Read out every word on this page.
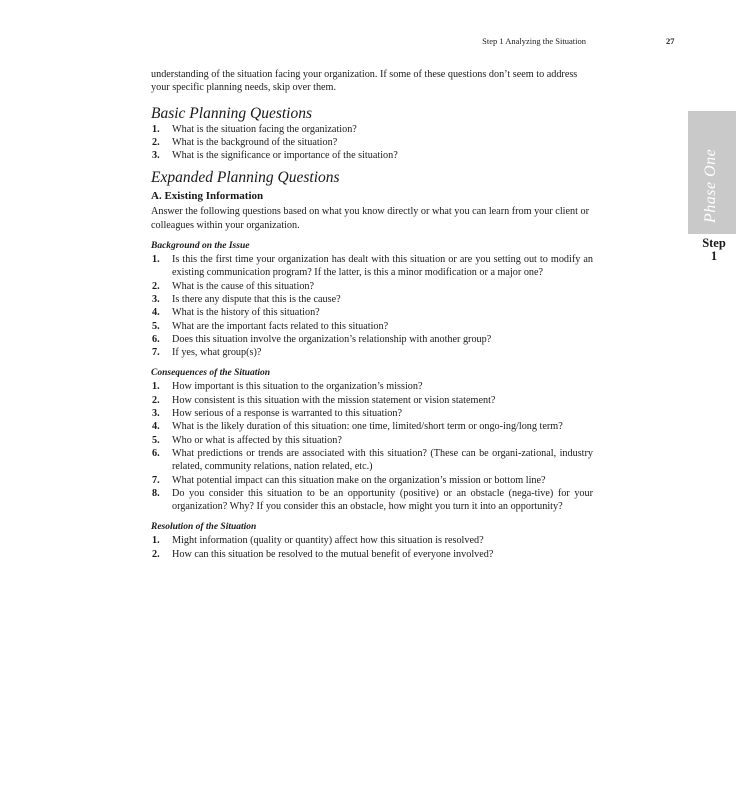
Step 1 Analyzing the Situation	27
Phase One
Step
1

understanding of the situation facing your organization. If some of these questions don’t seem to address your specific planning needs, skip over them.

Basic Planning Questions
1. What is the situation facing the organization?
2. What is the background of the situation?
3. What is the significance or importance of the situation?
Expanded Planning Questions
A. Existing Information

Answer the following questions based on what you know directly or what you can learn from your client or colleagues within your organization.

Background on the Issue
1. Is this the first time your organization has dealt with this situation or are you setting out to modify an existing communication program? If the latter, is this a minor modification or a major one?
2. What is the cause of this situation?
3. Is there any dispute that this is the cause?
4. What is the history of this situation?
5. What are the important facts related to this situation?
6. Does this situation involve the organization’s relationship with another group?
7. If yes, what group(s)?
Consequences of the Situation
1. How important is this situation to the organization’s mission?
2. How consistent is this situation with the mission statement or vision statement?
3. How serious of a response is warranted to this situation?
4. What is the likely duration of this situation: one time, limited/short term or ongo-ing/long term?
5. Who or what is affected by this situation?
6. What predictions or trends are associated with this situation? (These can be organi-zational, industry related, community relations, nation related, etc.)
7. What potential impact can this situation make on the organization’s mission or bottom line?
8. Do you consider this situation to be an opportunity (positive) or an obstacle (nega-tive) for your organization? Why? If you consider this an obstacle, how might you turn it into an opportunity?
Resolution of the Situation
1. Might information (quality or quantity) affect how this situation is resolved?
2. How can this situation be resolved to the mutual benefit of everyone involved?
